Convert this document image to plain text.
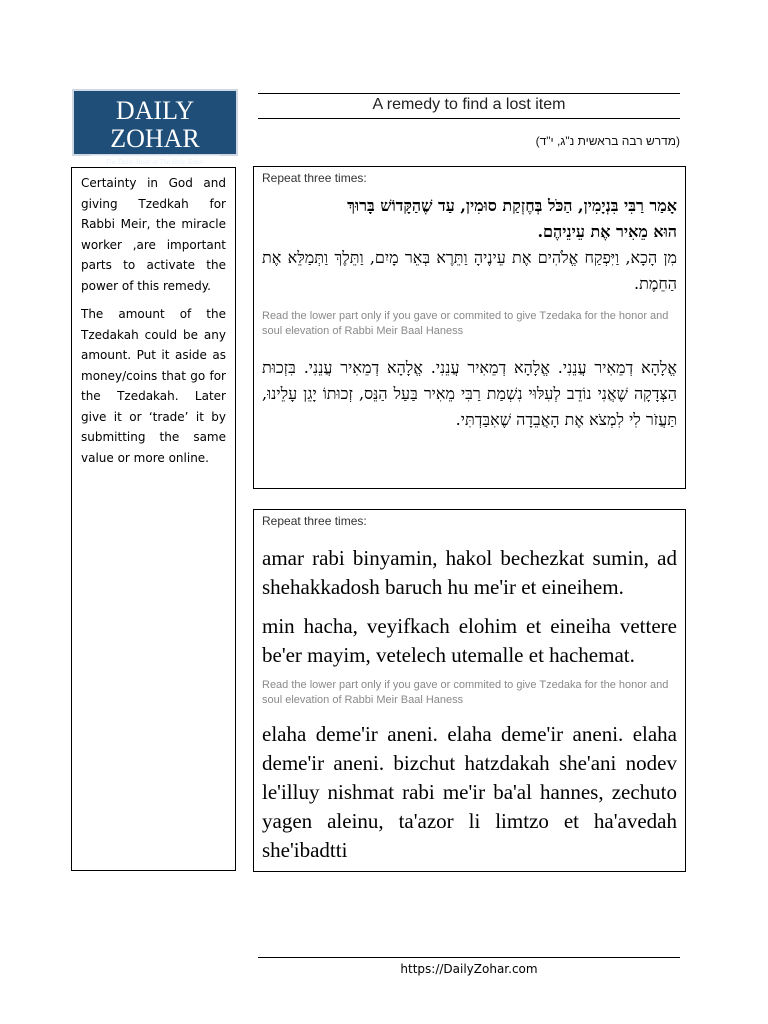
DAILY ZOHAR
The Daily Study of The Holy Zohar
A remedy to find a lost item
(מדרש רבה בראשית נ"ג, י"ד)

Certainty in God and giving Tzedkah for Rabbi Meir, the miracle worker ,are important parts to activate the power of this remedy.

The amount of the Tzedakah could be any amount. Put it aside as money/coins that go for the Tzedakah. Later give it or ‘trade’ it by submitting the same value or more online.

Repeat three times:
אָמַר רַבִּי בִּנְיָמִין, הַכֹּל בְּחֶזְקַת סוּמִין, עַד שֶׁהַקָּדוֹשׁ בָּרוּךְ
הוּא מֵאִיר אֶת עֵינֵיהֶם.
מִן הָכָא, וַיִּפְקַח אֱלֹהִים אֶת עֵינֶיהָ וַתֵּרֶא בְּאֵר מָיִם, וַתֵּלֶךְ וַתְּמַלֵּא אֶת הַחֵמֶת.
Read the lower part only if you gave or commited to give Tzedaka for the honor and soul elevation of Rabbi Meir Baal Haness
אֱלָהָא דְמֵאִיר עֲנֵנִי. אֱלָהָא דְמֵאִיר עֲנֵנִי. אֱלָהָא דְמֵאִיר עֲנֵנִי. בִּזְכוּת הַצְּדָקָה שֶׁאֲנִי נוֹדֵב לְעִלּוּי נִשְׁמַת רַבִּי מֵאִיר בַּעַל הַנֵּס, זְכוּתוֹ יָגֵן עָלֵינוּ, תַּעֲזֹר לִי לִמְצֹא אֶת הָאֲבֵדָה שֶׁאִבַּדְתִּי.
Repeat three times:
amar rabi binyamin, hakol bechezkat sumin, ad shehakkadosh baruch hu me'ir et eineihem.
min hacha, veyifkach elohim et eineiha vettere be'er mayim, vetelech utemalle et hachemat.
Read the lower part only if you gave or commited to give Tzedaka for the honor and soul elevation of Rabbi Meir Baal Haness
elaha deme'ir aneni. elaha deme'ir aneni. elaha deme'ir aneni. bizchut hatzdakah she'ani nodev le'illuy nishmat rabi me'ir ba'al hannes, zechuto yagen aleinu, ta'azor li limtzo et ha'avedah she'ibadtti
https://DailyZohar.com
